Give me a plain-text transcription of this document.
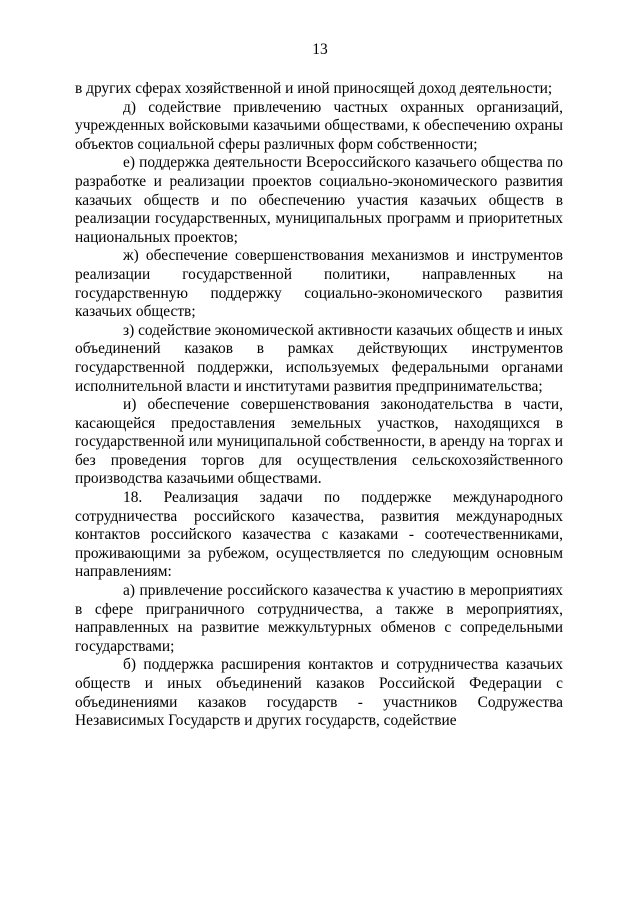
13

в других сферах хозяйственной и иной приносящей доход деятельности;

д) содействие привлечению частных охранных организаций, учрежденных войсковыми казачьими обществами, к обеспечению охраны объектов социальной сферы различных форм собственности;

е) поддержка деятельности Всероссийского казачьего общества по разработке и реализации проектов социально-экономического развития казачьих обществ и по обеспечению участия казачьих обществ в реализации государственных, муниципальных программ и приоритетных национальных проектов;

ж) обеспечение совершенствования механизмов и инструментов реализации государственной политики, направленных на государственную поддержку социально-экономического развития казачьих обществ;

з) содействие экономической активности казачьих обществ и иных объединений казаков в рамках действующих инструментов государственной поддержки, используемых федеральными органами исполнительной власти и институтами развития предпринимательства;

и) обеспечение совершенствования законодательства в части, касающейся предоставления земельных участков, находящихся в государственной или муниципальной собственности, в аренду на торгах и без проведения торгов для осуществления сельскохозяйственного производства казачьими обществами.

18. Реализация задачи по поддержке международного сотрудничества российского казачества, развития международных контактов российского казачества с казаками - соотечественниками, проживающими за рубежом, осуществляется по следующим основным направлениям:

а) привлечение российского казачества к участию в мероприятиях в сфере приграничного сотрудничества, а также в мероприятиях, направленных на развитие межкультурных обменов с сопредельными государствами;

б) поддержка расширения контактов и сотрудничества казачьих обществ и иных объединений казаков Российской Федерации с объединениями казаков государств - участников Содружества Независимых Государств и других государств, содействие
